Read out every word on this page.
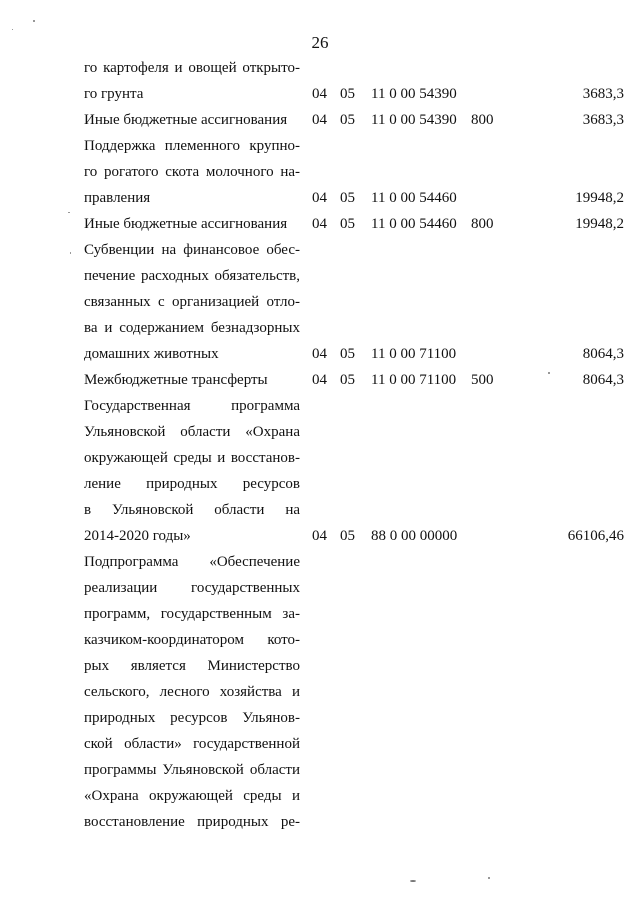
26
го картофеля и овощей открыто-
го грунта	04 05 11 0 00 54390	3683,3
Иные бюджетные ассигнования	04 05 11 0 00 54390 800	3683,3
Поддержка племенного крупно-
го рогатого скота молочного на-
правления	04 05 11 0 00 54460	19948,2
Иные бюджетные ассигнования	04 05 11 0 00 54460 800	19948,2
Субвенции на финансовое обес-
печение расходных обязательств,
связанных с организацией отло-
ва и содержанием безнадзорных
домашних животных	04 05 11 0 00 71100	8064,3
Межбюджетные трансферты	04 05 11 0 00 71100 500	8064,3
Государственная программа
Ульяновской области «Охрана
окружающей среды и восстанов-
ление природных ресурсов
в Ульяновской области на
2014-2020 годы»	04 05 88 0 00 00000	66106,46
Подпрограмма «Обеспечение
реализации государственных
программ, государственным за-
казчиком-координатором кото-
рых является Министерство
сельского, лесного хозяйства и
природных ресурсов Ульянов-
ской области» государственной
программы Ульяновской области
«Охрана окружающей среды и
восстановление природных ре-
